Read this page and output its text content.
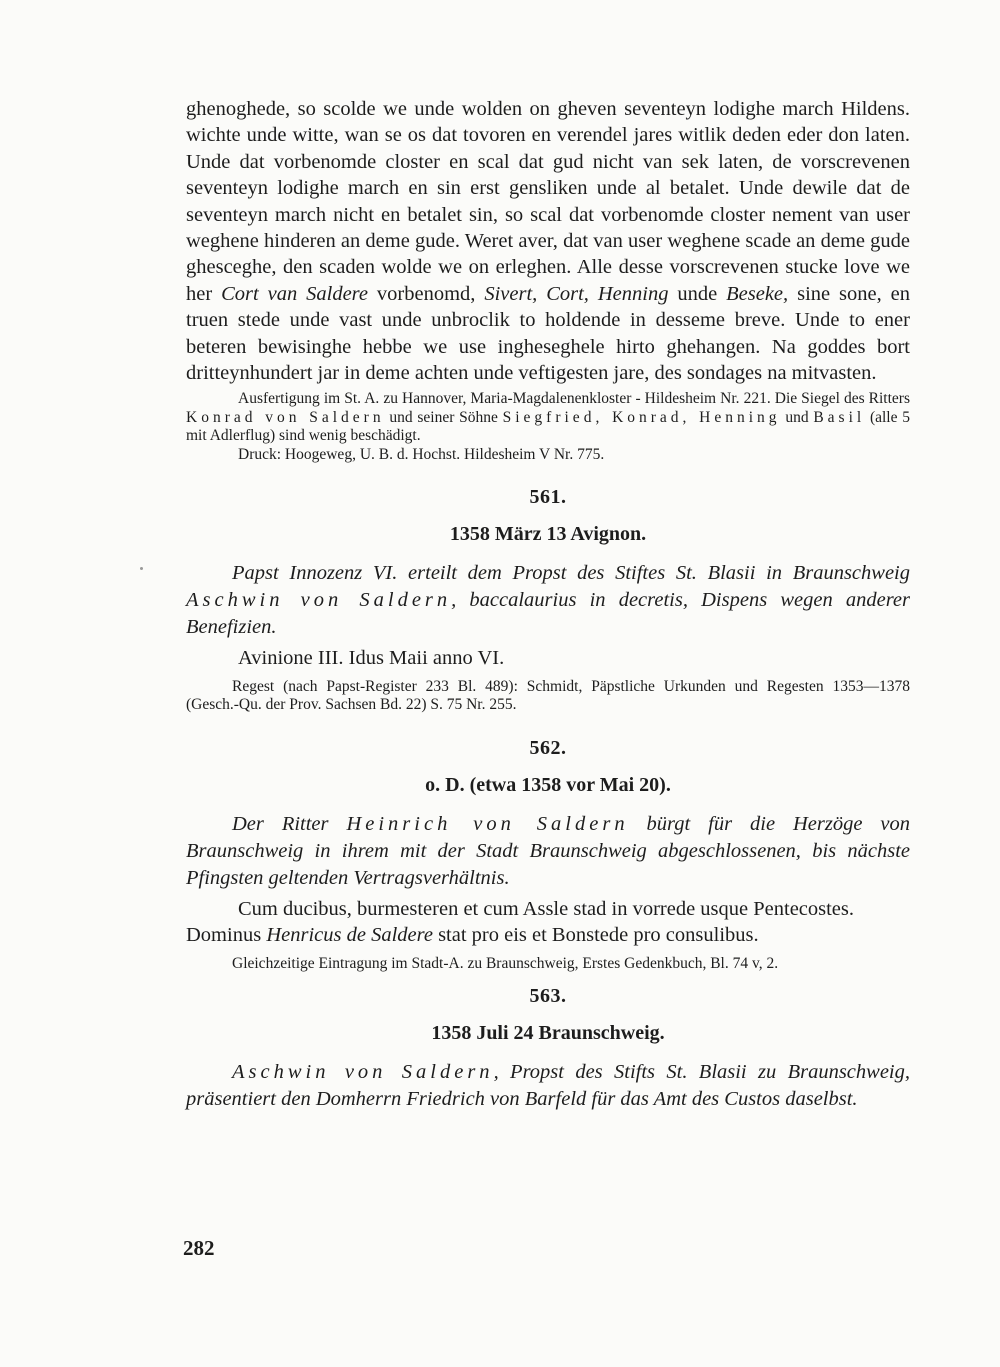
ghenoghede, so scolde we unde wolden on gheven seventeyn lodighe march Hildens. wichte unde witte, wan se os dat tovoren en verendel jares witlik deden eder don laten. Unde dat vorbenomde closter en scal dat gud nicht van sek laten, de vorscrevenen seventeyn lodighe march en sin erst gensliken unde al betalet. Unde dewile dat de seventeyn march nicht en betalet sin, so scal dat vorbenomde closter nement van user weghene hinderen an deme gude. Weret aver, dat van user weghene scade an deme gude ghesceghe, den scaden wolde we on erleghen. Alle desse vorscrevenen stucke love we her Cort van Saldere vorbenomd, Sivert, Cort, Henning unde Beseke, sine sone, en truen stede unde vast unde unbroclik to holdende in desseme breve. Unde to ener beteren bewisinghe hebbe we use ingheseghele hirto ghehangen. Na goddes bort dritteynhundert jar in deme achten unde veftigesten jare, des sondages na mitvasten.

Ausfertigung im St. A. zu Hannover, Maria-Magdalenenkloster - Hildesheim Nr. 221. Die Siegel des Ritters Konrad von Saldern und seiner Söhne Siegfried, Konrad, Henning und Basil (alle 5 mit Adlerflug) sind wenig beschädigt.

Druck: Hoogeweg, U. B. d. Hochst. Hildesheim V Nr. 775.

561.

1358 März 13 Avignon.

Papst Innozenz VI. erteilt dem Propst des Stiftes St. Blasii in Braunschweig Aschwin von Saldern, baccalaurius in decretis, Dispens wegen anderer Benefizien.

Avinione III. Idus Maii anno VI.

Regest (nach Papst-Register 233 Bl. 489): Schmidt, Päpstliche Urkunden und Regesten 1353—1378 (Gesch.-Qu. der Prov. Sachsen Bd. 22) S. 75 Nr. 255.

562.

o. D. (etwa 1358 vor Mai 20).

Der Ritter Heinrich von Saldern bürgt für die Herzöge von Braunschweig in ihrem mit der Stadt Braunschweig abgeschlossenen, bis nächste Pfingsten geltenden Vertragsverhältnis.

Cum ducibus, burmesteren et cum Assle stad in vorrede usque Pentecostes. Dominus Henricus de Saldere stat pro eis et Bonstede pro consulibus.

Gleichzeitige Eintragung im Stadt-A. zu Braunschweig, Erstes Gedenkbuch, Bl. 74 v, 2.

563.

1358 Juli 24 Braunschweig.

Aschwin von Saldern, Propst des Stifts St. Blasii zu Braunschweig, präsentiert den Domherrn Friedrich von Barfeld für das Amt des Custos daselbst.

282
